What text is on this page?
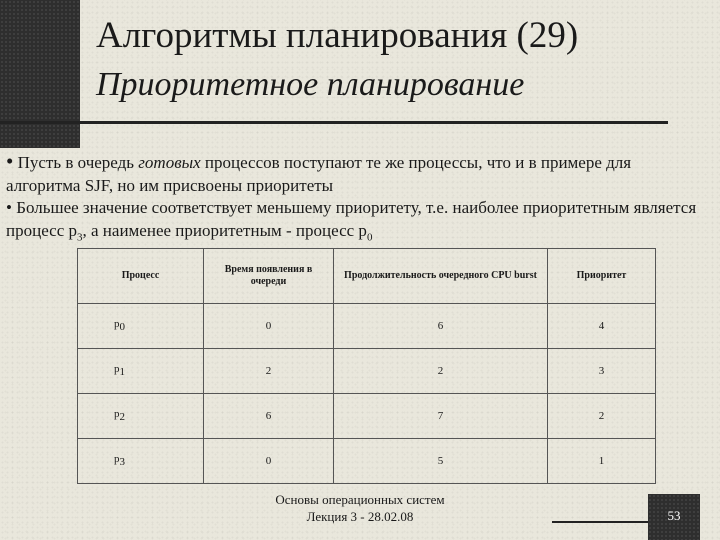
Алгоритмы планирования (29)
Приоритетное планирование

• Пусть в очередь готовых процессов поступают те же процессы, что и в примере для алгоритма SJF, но им присвоены приоритеты

• Большее значение соответствует меньшему приоритету, т.е. наиболее приоритетным является процесс $p_3$, а наименее приоритетным - процесс $p_0$

Процесс	Время появления в очереди	Продолжительность очередного CPU burst	Приоритет
$p_0$	0	6	4
$p_1$	2	2	3
$p_2$	6	7	2
$p_3$	0	5	1
Основы операционных систем
Лекция 3 - 28.02.08	53
